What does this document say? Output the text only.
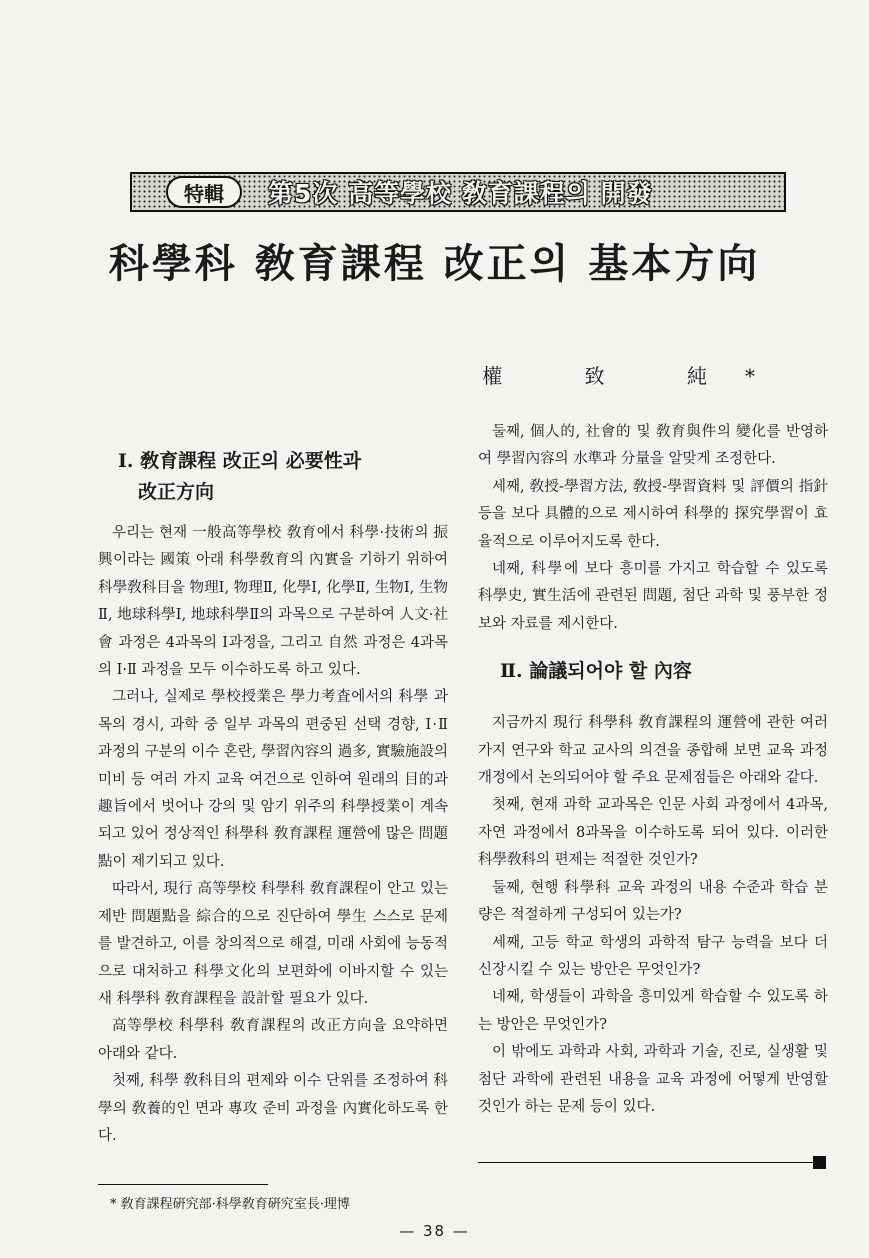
特輯	第5次 高等學校 敎育課程의 開發
科學科 敎育課程 改正의 基本方向
權 致 純*
Ⅰ. 敎育課程 改正의 必要性과
改正方向

우리는 현재 一般高等學校 敎育에서 科學·技術의 振興이라는 國策 아래 科學敎育의 內實을 기하기 위하여 科學敎科目을 物理Ⅰ, 物理Ⅱ, 化學Ⅰ, 化學Ⅱ, 生物Ⅰ, 生物Ⅱ, 地球科學Ⅰ, 地球科學Ⅱ의 과목으로 구분하여 人文·社會 과정은 4과목의 Ⅰ과정을, 그리고 自然 과정은 4과목의 Ⅰ·Ⅱ 과정을 모두 이수하도록 하고 있다.

그러나, 실제로 學校授業은 學力考査에서의 科學 과목의 경시, 과학 중 일부 과목의 편중된 선택 경향, Ⅰ·Ⅱ 과정의 구분의 이수 혼란, 學習內容의 過多, 實驗施設의 미비 등 여러 가지 교육 여건으로 인하여 원래의 目的과 趣旨에서 벗어나 강의 및 암기 위주의 科學授業이 계속되고 있어 정상적인 科學科 敎育課程 運營에 많은 問題點이 제기되고 있다.

따라서, 現行 高等學校 科學科 敎育課程이 안고 있는 제반 問題點을 綜合的으로 진단하여 學生 스스로 문제를 발견하고, 이를 창의적으로 해결, 미래 사회에 능동적으로 대처하고 科學文化의 보편화에 이바지할 수 있는 새 科學科 敎育課程을 設計할 필요가 있다.

高等學校 科學科 敎育課程의 改正方向을 요약하면 아래와 같다.

첫째, 科學 敎科目의 편제와 이수 단위를 조정하여 科學의 敎養的인 면과 專攻 준비 과정을 內實化하도록 한다.

둘째, 個人的, 社會的 및 敎育與件의 變化를 반영하여 學習內容의 水準과 分量을 알맞게 조정한다.

세째, 敎授-學習方法, 敎授-學習資料 및 評價의 指針 등을 보다 具體的으로 제시하여 科學的 探究學習이 효율적으로 이루어지도록 한다.

네째, 科學에 보다 흥미를 가지고 학습할 수 있도록 科學史, 實生活에 관련된 問題, 첨단 과학 및 풍부한 정보와 자료를 제시한다.

Ⅱ. 論議되어야 할 內容

지금까지 現行 科學科 敎育課程의 運營에 관한 여러 가지 연구와 학교 교사의 의견을 종합해 보면 교육 과정 개정에서 논의되어야 할 주요 문제점들은 아래와 같다.

첫째, 현재 과학 교과목은 인문 사회 과정에서 4과목, 자연 과정에서 8과목을 이수하도록 되어 있다. 이러한 科學敎科의 편제는 적절한 것인가?

둘째, 현행 科學科 교육 과정의 내용 수준과 학습 분량은 적절하게 구성되어 있는가?

세째, 고등 학교 학생의 과학적 탐구 능력을 보다 더 신장시킬 수 있는 방안은 무엇인가?

네째, 학생들이 과학을 흥미있게 학습할 수 있도록 하는 방안은 무엇인가?

이 밖에도 과학과 사회, 과학과 기술, 진로, 실생활 및 첨단 과학에 관련된 내용을 교육 과정에 어떻게 반영할 것인가 하는 문제 등이 있다.

* 敎育課程硏究部·科學敎育硏究室長·理博
— 38 —
